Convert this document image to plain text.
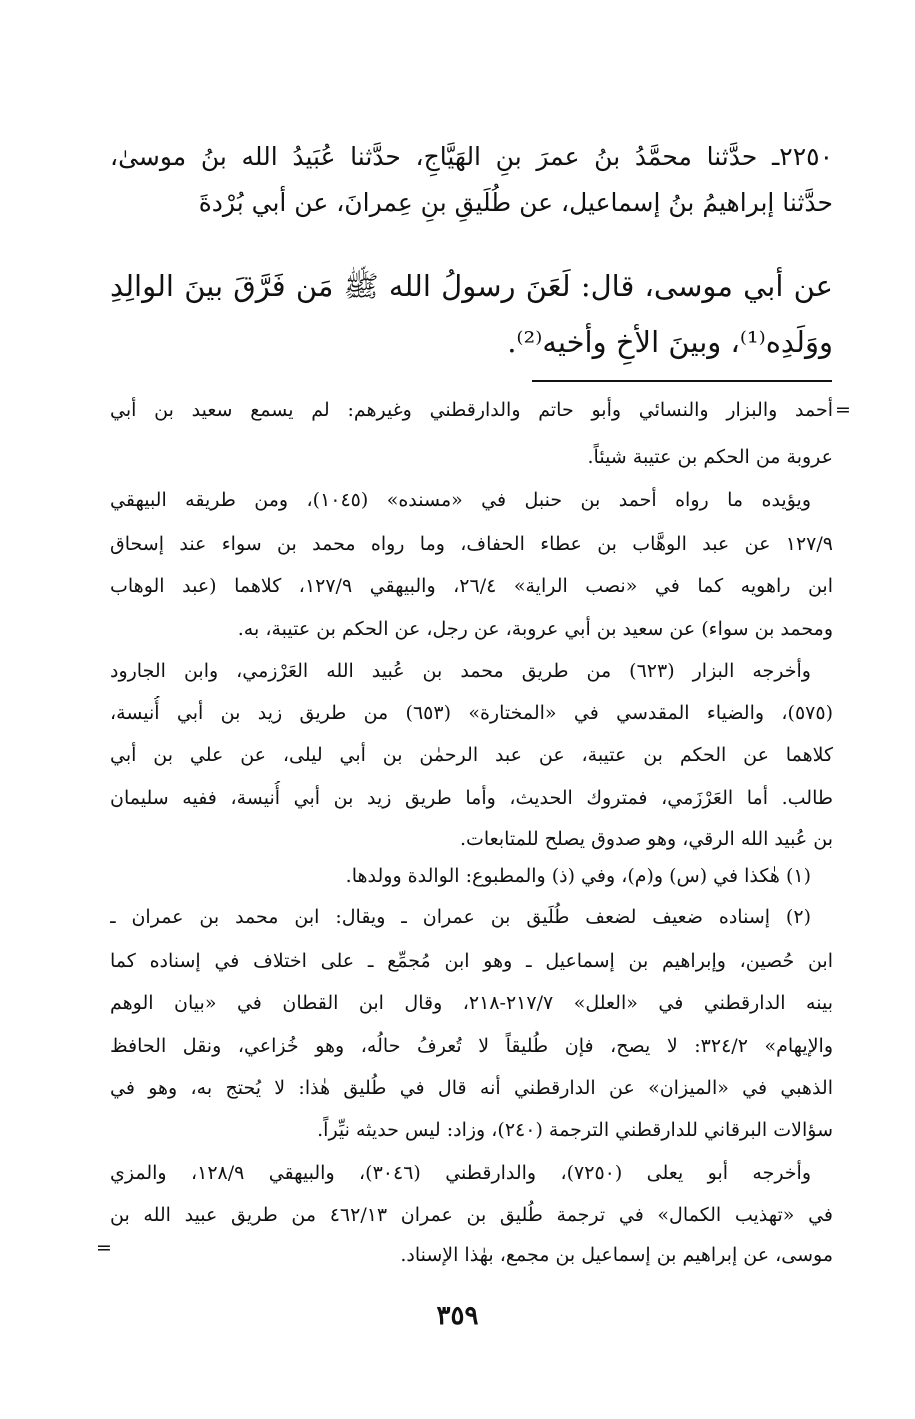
٢٢٥٠ـ حدَّثنا محمَّدُ بنُ عمرَ بنِ الهَيَّاجِ، حدَّثنا عُبَيدُ الله بنُ موسىٰ،
حدَّثنا إبراهيمُ بنُ إسماعيل، عن طُلَيقِ بنِ عِمرانَ، عن أبي بُرْدةَ
عن أبي موسى، قال: لَعَنَ رسولُ الله ﷺ مَن فَرَّقَ بينَ الوالِدِ
ووَلَدِه⁽¹⁾، وبينَ الأخِ وأخيه⁽²⁾.
=
أحمد والبزار والنسائي وأبو حاتم والدارقطني وغيرهم: لم يسمع سعيد بن أبي
عروبة من الحكم بن عتيبة شيئاً.
ويؤيده ما رواه أحمد بن حنبل في «مسنده» (١٠٤٥)، ومن طريقه البيهقي
١٢٧/٩ عن عبد الوهَّاب بن عطاء الحفاف، وما رواه محمد بن سواء عند إسحاق
ابن راهويه كما في «نصب الراية» ٢٦/٤، والبيهقي ١٢٧/٩، كلاهما (عبد الوهاب
ومحمد بن سواء) عن سعيد بن أبي عروبة، عن رجل، عن الحكم بن عتيبة، به.
وأخرجه البزار (٦٢٣) من طريق محمد بن عُبيد الله العَرْزمي، وابن الجارود
(٥٧٥)، والضياء المقدسي في «المختارة» (٦٥٣) من طريق زيد بن أبي أُنيسة،
كلاهما عن الحكم بن عتيبة، عن عبد الرحمٰن بن أبي ليلى، عن علي بن أبي
طالب. أما العَرْزَمي، فمتروك الحديث، وأما طريق زيد بن أبي أُنيسة، ففيه سليمان
بن عُبيد الله الرقي، وهو صدوق يصلح للمتابعات.
(١) هٰكذا في (س) و(م)، وفي (ذ) والمطبوع: الوالدة وولدها.
(٢) إسناده ضعيف لضعف طُلَيق بن عمران ـ ويقال: ابن محمد بن عمران ـ
ابن حُصين، وإبراهيم بن إسماعيل ـ وهو ابن مُجمِّع ـ على اختلاف في إسناده كما
بينه الدارقطني في «العلل» ٢١٧/٧-٢١٨، وقال ابن القطان في «بيان الوهم
والإيهام» ٣٢٤/٢: لا يصح، فإن طُليقاً لا تُعرفُ حالُه، وهو خُزاعي، ونقل الحافظ
الذهبي في «الميزان» عن الدارقطني أنه قال في طُليق هٰذا: لا يُحتج به، وهو في
سؤالات البرقاني للدارقطني الترجمة (٢٤٠)، وزاد: ليس حديثه نيِّراً.
وأخرجه أبو يعلى (٧٢٥٠)، والدارقطني (٣٠٤٦)، والبيهقي ١٢٨/٩، والمزي
في «تهذيب الكمال» في ترجمة طُليق بن عمران ٤٦٢/١٣ من طريق عبيد الله بن
موسى، عن إبراهيم بن إسماعيل بن مجمع، بهٰذا الإسناد.
=
٣٥٩
